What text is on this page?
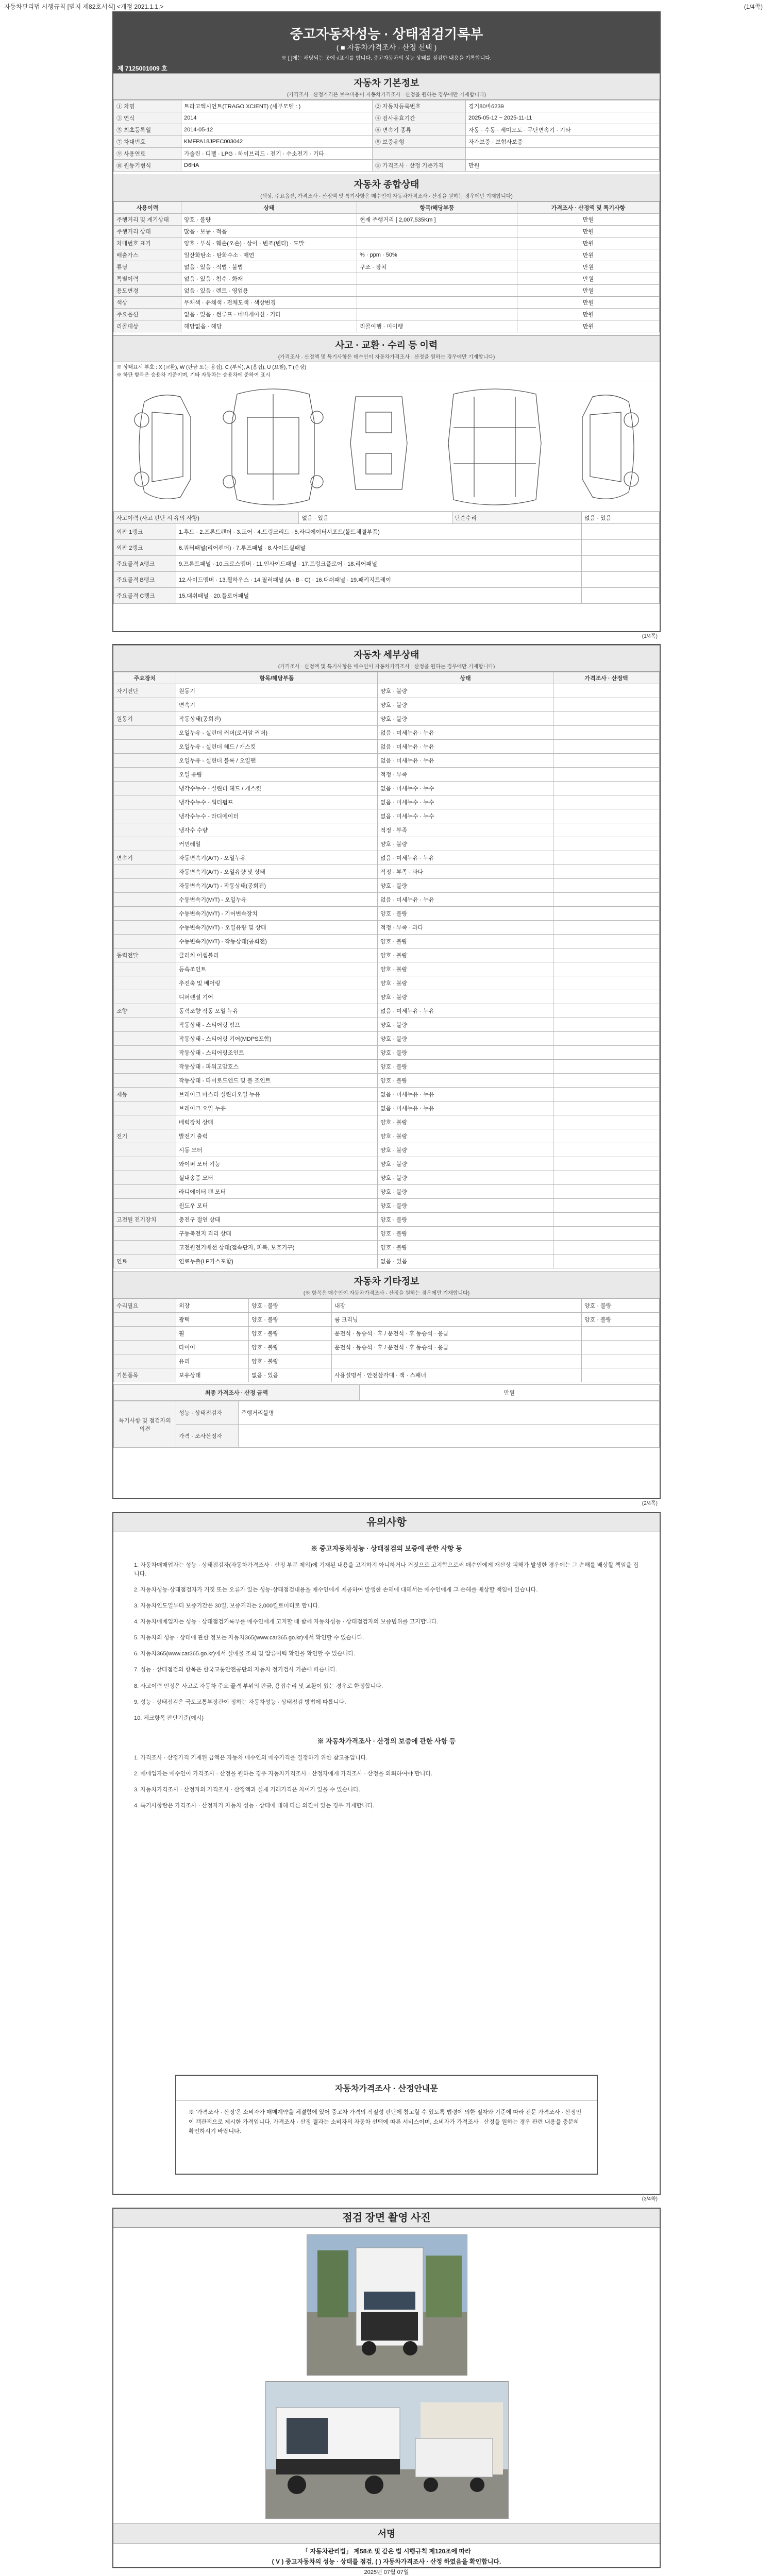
자동차관리법 시행규칙 [별지 제82호서식] <개정 2021.1.1.>	(1/4쪽)
중고자동차성능 · 상태점검기록부
( ■ 자동차가격조사 · 산정 선택 )
※ [ ]에는 해당되는 곳에 √표시를 합니다. 중고자동차의 성능 상태를 점검한 내용을 기록합니다.
제 7125001009 호
자동차 기본정보
(가격조사 · 산정가격은 보수비용이 자동차가격조사 · 산정을 원하는 경우에만 기재합니다)
① 차명	트라고엑시언트(TRAGO XCIENT) (세부모델 : )	② 자동차등록번호	경기80바6239
③ 연식	2014	④ 검사유효기간	2025-05-12 ~ 2025-11-11
⑤ 최초등록일	2014-05-12	⑥ 변속기 종류	자동 · 수동 · 세미오토 · 무단변속기 · 기타
⑦ 차대번호	KMFPA18JPEC003042	⑧ 보증유형	자가보증 · 보험사보증
⑨ 사용연료	가솔린 · 디젤 · LPG · 하이브리드 · 전기 · 수소전기 · 기타		
⑩ 원동기형식	D6HA	⑪ 가격조사 · 산정 기준가격	만원
자동차 종합상태
(색상, 주요옵션, 가격조사 · 산정액 및 특기사항은 매수인이 자동차가격조사 · 산정을 원하는 경우에만 기재합니다)
사용이력	상태	항목/해당부품	가격조사 · 산정액 및 특기사항
주행거리 및 계기상태	양호 · 불량	현재 주행거리 [ 2,007,535Km ]	만원
주행거리 상태	많음 · 보통 · 적음		만원
차대번호 표기	양호 · 부식 · 훼손(오손) · 상이 · 변조(변타) · 도말		만원
배출가스	일산화탄소 · 탄화수소 · 매연	% · ppm · 50%	만원
튜닝	없음 · 있음 · 적법 · 불법	구조 · 장치	만원
특별이력	없음 · 있음 · 침수 · 화재		만원
용도변경	없음 · 있음 · 렌트 · 영업용		만원
색상	무채색 · 유채색 · 전체도색 · 색상변경		만원
주요옵션	없음 · 있음 · 썬루프 · 네비게이션 · 기타		만원
리콜대상	해당없음 · 해당	리콜이행 · 미이행	만원
사고 · 교환 · 수리 등 이력
(가격조사 · 산정액 및 특기사항은 매수인이 자동차가격조사 · 산정을 원하는 경우에만 기재합니다)
※ 상태표시 부호 : X (교환), W (판금 또는 용접), C (부식), A (흠집), U (요철), T (손상)
※ 하단 항목은 승용차 기준이며, 기타 자동차는 승용차에 준하여 표시
사고이력 (사고 판단 시 유의 사항)		없음 · 있음	단순수리	없음 · 있음
외판 1랭크	1.후드 · 2.프론트펜더 · 3.도어 · 4.트렁크리드 · 5.라디에이터서포트(볼트체결부품)			
외판 2랭크	6.쿼터패널(리어펜더) · 7.루프패널 · 8.사이드실패널			
주요골격 A랭크	9.프론트패널 · 10.크로스멤버 · 11.인사이드패널 · 17.트렁크플로어 · 18.리어패널			
주요골격 B랭크	12.사이드멤버 · 13.휠하우스 · 14.필러패널 (A · B · C) · 16.대쉬패널 · 19.패키지트레이			
주요골격 C랭크	15.대쉬패널 · 20.플로어패널			
(1/4쪽)
자동차 세부상태
(가격조사 · 산정액 및 특기사항은 매수인이 자동차가격조사 · 산정을 원하는 경우에만 기재합니다)
주요장치	항목/해당부품	상태	가격조사 · 산정액
자기진단	원동기	양호 · 불량	
	변속기	양호 · 불량	
원동기	작동상태(공회전)	양호 · 불량	
	오일누유 - 실린더 커버(로커암 커버)	없음 · 미세누유 · 누유	
	오일누유 - 실린더 헤드 / 개스킷	없음 · 미세누유 · 누유	
	오일누유 - 실린더 블록 / 오일팬	없음 · 미세누유 · 누유	
	오일 유량	적정 · 부족	
	냉각수누수 - 실린더 헤드 / 개스킷	없음 · 미세누수 · 누수	
	냉각수누수 - 워터펌프	없음 · 미세누수 · 누수	
	냉각수누수 - 라디에이터	없음 · 미세누수 · 누수	
	냉각수 수량	적정 · 부족	
	커먼레일	양호 · 불량	
변속기	자동변속기(A/T) - 오일누유	없음 · 미세누유 · 누유	
	자동변속기(A/T) - 오일유량 및 상태	적정 · 부족 · 과다	
	자동변속기(A/T) - 작동상태(공회전)	양호 · 불량	
	수동변속기(M/T) - 오일누유	없음 · 미세누유 · 누유	
	수동변속기(M/T) - 기어변속장치	양호 · 불량	
	수동변속기(M/T) - 오일유량 및 상태	적정 · 부족 · 과다	
	수동변속기(M/T) - 작동상태(공회전)	양호 · 불량	
동력전달	클러치 어셈블리	양호 · 불량	
	등속조인트	양호 · 불량	
	추진축 및 베어링	양호 · 불량	
	디퍼렌셜 기어	양호 · 불량	
조향	동력조향 작동 오일 누유	없음 · 미세누유 · 누유	
	작동상태 - 스티어링 펌프	양호 · 불량	
	작동상태 - 스티어링 기어(MDPS포함)	양호 · 불량	
	작동상태 - 스티어링조인트	양호 · 불량	
	작동상태 - 파워고압호스	양호 · 불량	
	작동상태 - 타이로드엔드 및 볼 조인트	양호 · 불량	
제동	브레이크 마스터 실린더오일 누유	없음 · 미세누유 · 누유	
	브레이크 오일 누유	없음 · 미세누유 · 누유	
	배력장치 상태	양호 · 불량	
전기	발전기 출력	양호 · 불량	
	시동 모터	양호 · 불량	
	와이퍼 모터 기능	양호 · 불량	
	실내송풍 모터	양호 · 불량	
	라디에이터 팬 모터	양호 · 불량	
	윈도우 모터	양호 · 불량	
고전원 전기장치	충전구 절연 상태	양호 · 불량	
	구동축전지 격리 상태	양호 · 불량	
	고전원전기배선 상태(접속단자, 피복, 보호기구)	양호 · 불량	
연료	연료누출(LP가스포함)	없음 · 있음	
자동차 기타정보
(※ 항목은 매수인이 자동차가격조사 · 산정을 원하는 경우에만 기재합니다)
수리필요	외장	양호 · 불량	내장	양호 · 불량
	광택	양호 · 불량	룸 크리닝	양호 · 불량
	휠	양호 · 불량	운전석 · 동승석 · 후 / 운전석 · 후 동승석 · 응급	
	타이어	양호 · 불량	운전석 · 동승석 · 후 / 운전석 · 후 동승석 · 응급	
	유리	양호 · 불량		
기본품목	보유상태	없음 · 있음	사용설명서 · 안전삼각대 · 잭 · 스패너	
최종 가격조사 · 산정 금액	만원
특기사항 및 점검자의 의견	성능 · 상태점검자	주행거리불명
	가격 · 조사산정자	
(2/4쪽)
유의사항

※ 중고자동차성능 · 상태점검의 보증에 관한 사항 등

1. 자동차매매업자는 성능 · 상태점검자(자동차가격조사 · 산정 부분 제외)에 기재된 내용을 고지하지 아니하거나 거짓으로 고지함으로써 매수인에게 재산상 피해가 발생한 경우에는 그 손해를 배상할 책임을 집니다.

2. 자동차성능·상태점검자가 거짓 또는 오류가 있는 성능·상태점검내용을 매수인에게 제공하여 발생한 손해에 대해서는 매수인에게 그 손해를 배상할 책임이 있습니다.

3. 자동차인도일부터 보증기간은 30일, 보증거리는 2,000킬로미터로 합니다.

4. 자동차매매업자는 성능 · 상태점검기록부를 매수인에게 고지할 때 함께 자동차성능 · 상태점검자의 보증범위를 고지합니다.

5. 자동차의 성능 · 상태에 관한 정보는 자동차365(www.car365.go.kr)에서 확인할 수 있습니다.

6. 자동차365(www.car365.go.kr)에서 실매물 조회 및 압류이력 확인을 확인할 수 있습니다.

7. 성능 · 상태점검의 항목은 한국교통안전공단의 자동차 정기검사 기준에 따릅니다.

8. 사고이력 인정은 사고로 자동차 주요 골격 부위의 판금, 용접수리 및 교환이 있는 경우로 한정합니다.

9. 성능 · 상태점검은 국토교통부장관이 정하는 자동차성능 · 상태점검 방법에 따릅니다.

10. 체크항목 판단기준(예시)

※ 자동차가격조사 · 산정의 보증에 관한 사항 등

1. 가격조사 · 산정가격 기재된 금액은 자동차 매수인의 매수가격을 결정하기 위한 참고용입니다.

2. 매매업자는 매수인이 가격조사 · 산정을 원하는 경우 자동차가격조사 · 산정자에게 가격조사 · 산정을 의뢰하여야 합니다.

3. 자동차가격조사 · 산정자의 가격조사 · 산정액과 실제 거래가격은 차이가 있을 수 있습니다.

4. 특기사항란은 가격조사 · 산정자가 자동차 성능 · 상태에 대해 다른 의견이 있는 경우 기재합니다.

자동차가격조사 · 산정안내문
※ '가격조사 · 산정'은 소비자가 매매계약을 체결함에 있어 중고차 가격의 적절성 판단에 참고할 수 있도록 법령에 의한 절차와 기준에 따라 전문 가격조사 · 산정인이 객관적으로 제시한 가격입니다. 가격조사 · 산정 결과는 소비자의 자동차 선택에 따른 서비스이며, 소비자가 가격조사 · 산정을 원하는 경우 관련 내용을 충분히 확인하시기 바랍니다.
(3/4쪽)
점검 장면 촬영 사진
서명
「 자동차관리법」 제58조 및 같은 법 시행규칙 제120조에 따라
( V ) 중고자동차의 성능 · 상태를 점검, ( ) 자동차가격조사 · 산정 하였음을 확인합니다.
2025년 07월 07일
